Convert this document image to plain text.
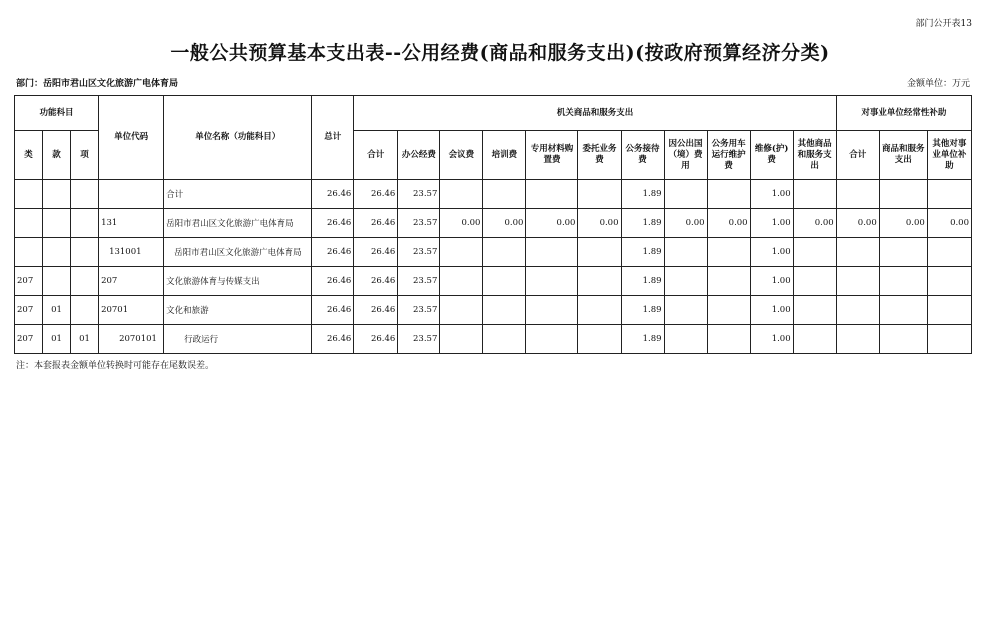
部门公开表13
一般公共预算基本支出表--公用经费(商品和服务支出)(按政府预算经济分类)
部门：岳阳市君山区文化旅游广电体育局	金额单位：万元
功能科目			单位代码	单位名称（功能科目）	总计	机关商品和服务支出											对事业单位经常性补助		
类	款	项				合计	办公经费	会议费	培训费	专用材料购置费	委托业务费	公务接待费	因公出国（境）费用	公务用车运行维护费	维修(护)费	其他商品和服务支出	合计	商品和服务支出	其他对事业单位补助
				合计	26.46	26.46	23.57					1.89			1.00				
			131	岳阳市君山区文化旅游广电体育局	26.46	26.46	23.57	0.00	0.00	0.00	0.00	1.89	0.00	0.00	1.00	0.00	0.00	0.00	0.00
			131001	岳阳市君山区文化旅游广电体育局	26.46	26.46	23.57					1.89			1.00				
207			207	文化旅游体育与传媒支出	26.46	26.46	23.57					1.89			1.00				
207	01		20701	文化和旅游	26.46	26.46	23.57					1.89			1.00				
207	01	01	2070101	行政运行	26.46	26.46	23.57					1.89			1.00				
注：本套报表金额单位转换时可能存在尾数误差。
